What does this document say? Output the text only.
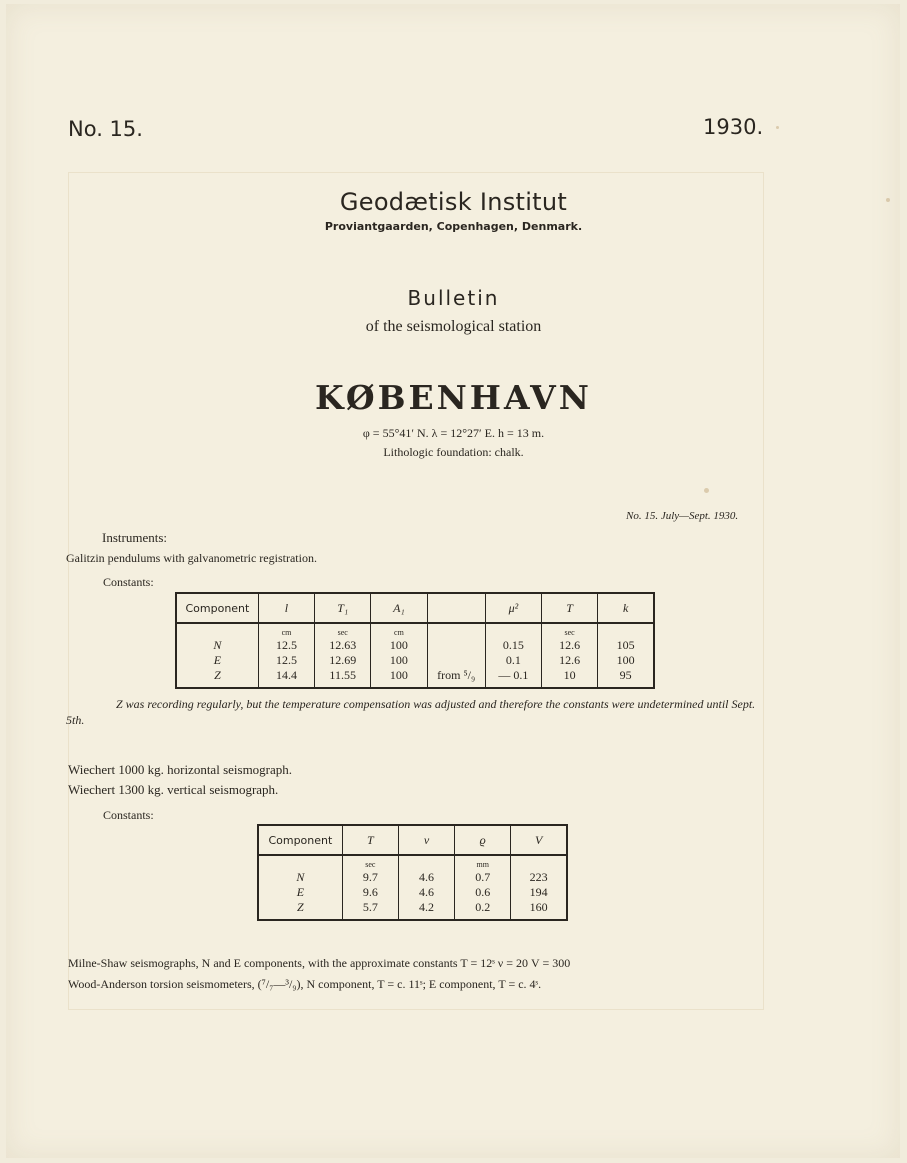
No. 15.	1930.
Geodætisk Institut
Proviantgaarden, Copenhagen, Denmark.
Bulletin
of the seismological station
KØBENHAVN
φ = 55°41′ N. λ = 12°27′ E. h = 13 m.
Lithologic foundation: chalk.
No. 15. July—Sept. 1930.
Instruments:
Galitzin pendulums with galvanometric registration.
Constants:
Component	l	T₁	A₁		μ²	T	k
	cm	sec	cm			sec	
N	12.5	12.63	100		0.15	12.6	105
E	12.5	12.69	100		0.1	12.6	100
Z	14.4	11.55	100	from ⁵/₉	— 0.1	10	95
Z was recording regularly, but the temperature compensation was adjusted and therefore the constants were undetermined until Sept. 5th.
Wiechert 1000 kg. horizontal seismograph.
Wiechert 1300 kg. vertical seismograph.
Constants:
Component	T	ν	ϱ	V
	sec		mm	
N	9.7	4.6	0.7	223
E	9.6	4.6	0.6	194
Z	5.7	4.2	0.2	160
Milne-Shaw seismographs, N and E components, with the approximate constants T = 12ˢ ν = 20 V = 300
Wood-Anderson torsion seismometers, (⁷/₇—³/₉), N component, T = c. 11ˢ; E component, T = c. 4ˢ.
